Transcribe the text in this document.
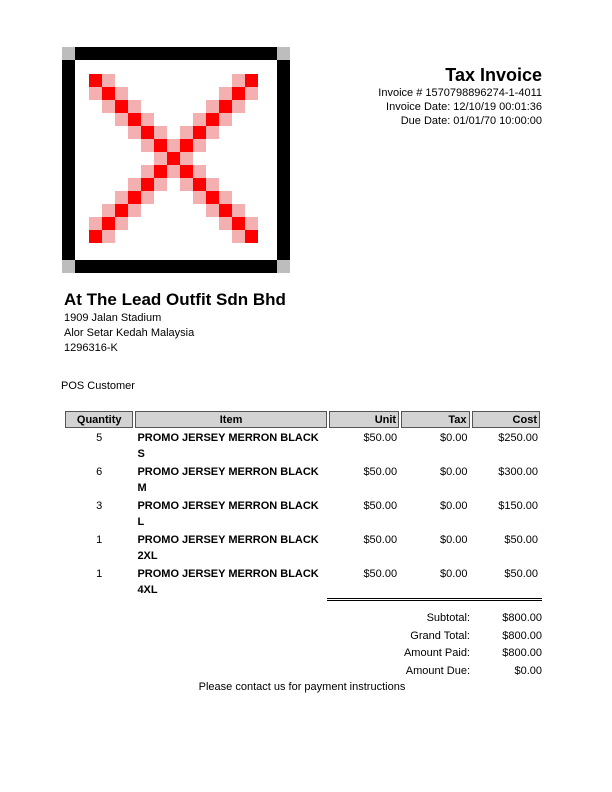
Tax Invoice
Invoice # 1570798896274-1-4011
Invoice Date: 12/10/19 00:01:36
Due Date: 01/01/70 10:00:00
At The Lead Outfit Sdn Bhd
1909 Jalan Stadium
Alor Setar Kedah Malaysia
1296316-K
POS Customer
Quantity	Item	Unit	Tax	Cost
5	PROMO JERSEY MERRON BLACK S	$50.00	$0.00	$250.00
6	PROMO JERSEY MERRON BLACK M	$50.00	$0.00	$300.00
3	PROMO JERSEY MERRON BLACK L	$50.00	$0.00	$150.00
1	PROMO JERSEY MERRON BLACK 2XL	$50.00	$0.00	$50.00
1	PROMO JERSEY MERRON BLACK 4XL	$50.00	$0.00	$50.00
Subtotal:	$800.00
Grand Total:	$800.00
Amount Paid:	$800.00
Amount Due:	$0.00
Please contact us for payment instructions
